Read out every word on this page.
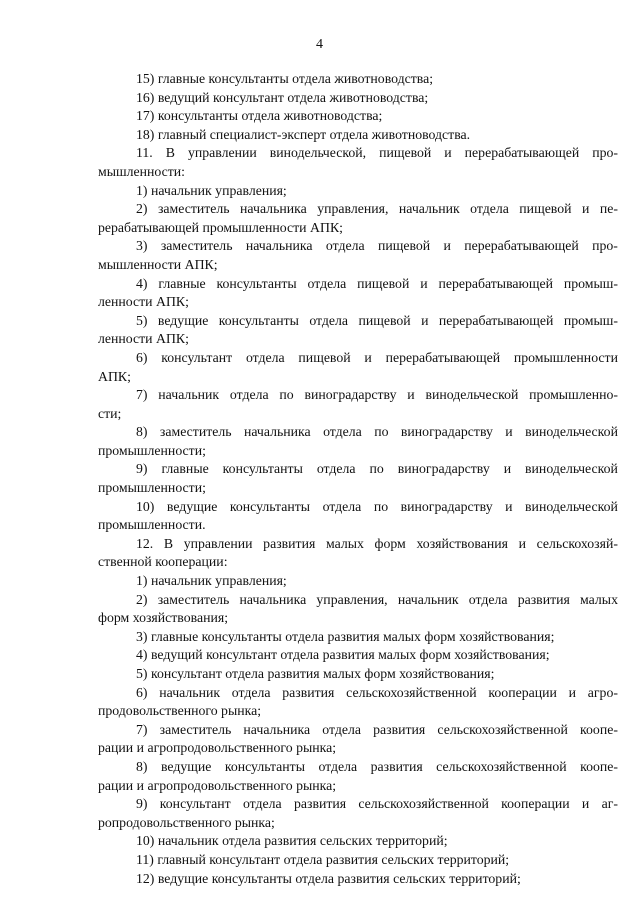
4
15) главные консультанты отдела животноводства;
16) ведущий консультант отдела животноводства;
17) консультанты отдела животноводства;
18) главный специалист-эксперт отдела животноводства.
11. В управлении винодельческой, пищевой и перерабатывающей про-
мышленности:
1) начальник управления;
2) заместитель начальника управления, начальник отдела пищевой и пе-
рерабатывающей промышленности АПК;
3) заместитель начальника отдела пищевой и перерабатывающей про-
мышленности АПК;
4) главные консультанты отдела пищевой и перерабатывающей промыш-
ленности АПК;
5) ведущие консультанты отдела пищевой и перерабатывающей промыш-
ленности АПК;
6) консультант отдела пищевой и перерабатывающей промышленности
АПК;
7) начальник отдела по виноградарству и винодельческой промышленно-
сти;
8) заместитель начальника отдела по виноградарству и винодельческой
промышленности;
9) главные консультанты отдела по виноградарству и винодельческой
промышленности;
10) ведущие консультанты отдела по виноградарству и винодельческой
промышленности.
12. В управлении развития малых форм хозяйствования и сельскохозяй-
ственной кооперации:
1) начальник управления;
2) заместитель начальника управления, начальник отдела развития малых
форм хозяйствования;
3) главные консультанты отдела развития малых форм хозяйствования;
4) ведущий консультант отдела развития малых форм хозяйствования;
5) консультант отдела развития малых форм хозяйствования;
6) начальник отдела развития сельскохозяйственной кооперации и агро-
продовольственного рынка;
7) заместитель начальника отдела развития сельскохозяйственной коопе-
рации и агропродовольственного рынка;
8) ведущие консультанты отдела развития сельскохозяйственной коопе-
рации и агропродовольственного рынка;
9) консультант отдела развития сельскохозяйственной кооперации и аг-
ропродовольственного рынка;
10) начальник отдела развития сельских территорий;
11) главный консультант отдела развития сельских территорий;
12) ведущие консультанты отдела развития сельских территорий;
